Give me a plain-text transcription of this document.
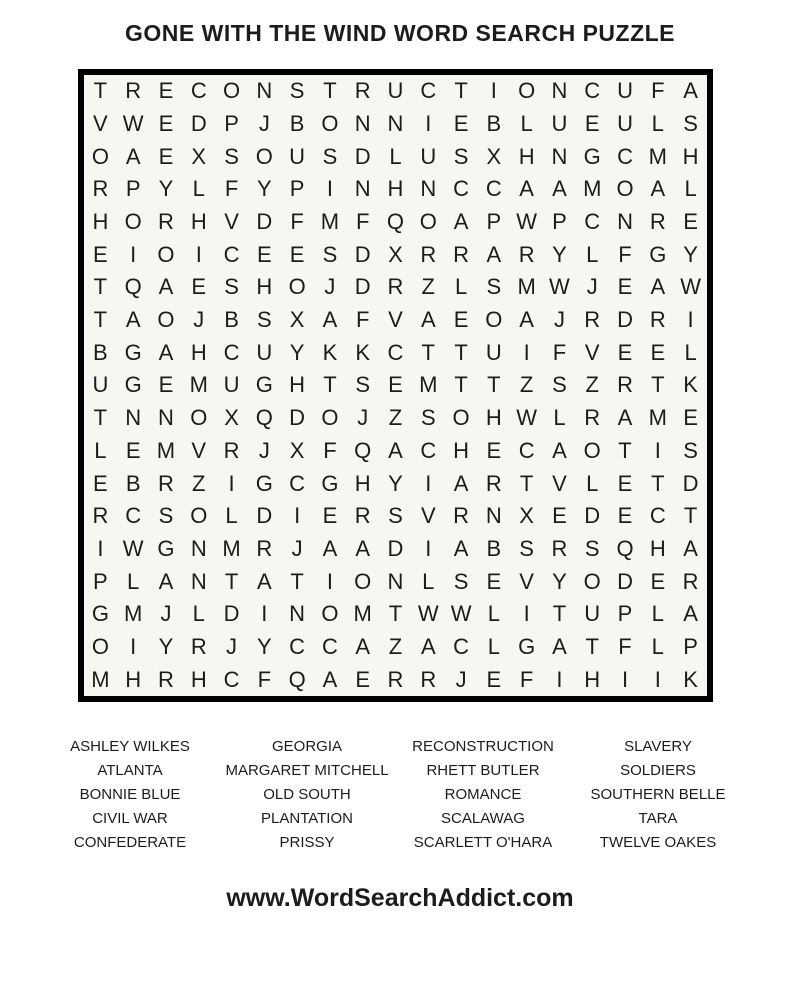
GONE WITH THE WIND WORD SEARCH PUZZLE
T R E C O N S T R U C T	I O N C U F A
V W E D P J B O N N I	E B L U E U L S
O A E X S O U S D L U S X H N G C M H
R P Y L F Y P	I N H N C C A A M O A L
H O R H V D F M F Q O A P W P C N R E
E	I O I C E E S D X R R A R Y L F G Y
T Q A E S H O J D R Z L S M W J E A W
T A O J B S X A F V A E O A J R D R I
B G A H C U Y K K C T T U I	F V E E L
U G E M U G H T S E M T T Z S Z R T K
T N N O X Q D O J Z S O H W L R A M E
L E M V R J X F Q A C H E C A O T	I	S
E B R Z	I G C G H Y	I	A R T V L E T D
R C S O L D I	E R S V R N X E D E C T
I W G N M R J A A D I	A B S R S Q H A
P L A N T A T	I O N L S E V Y O D E R
G M J L D I N O M T W W L	I	T U P L A
O I	Y R J Y C C A Z A C L G A T F L P
M H R H C F Q A E R R J E F	I H I	I	K
ASHLEY WILKES
ATLANTA
BONNIE BLUE
CIVIL WAR
CONFEDERATE
GEORGIA
MARGARET MITCHELL
OLD SOUTH
PLANTATION
PRISSY
RECONSTRUCTION
RHETT BUTLER
ROMANCE
SCALAWAG
SCARLETT O'HARA
SLAVERY
SOLDIERS
SOUTHERN BELLE
TARA
TWELVE OAKES
www.WordSearchAddict.com
